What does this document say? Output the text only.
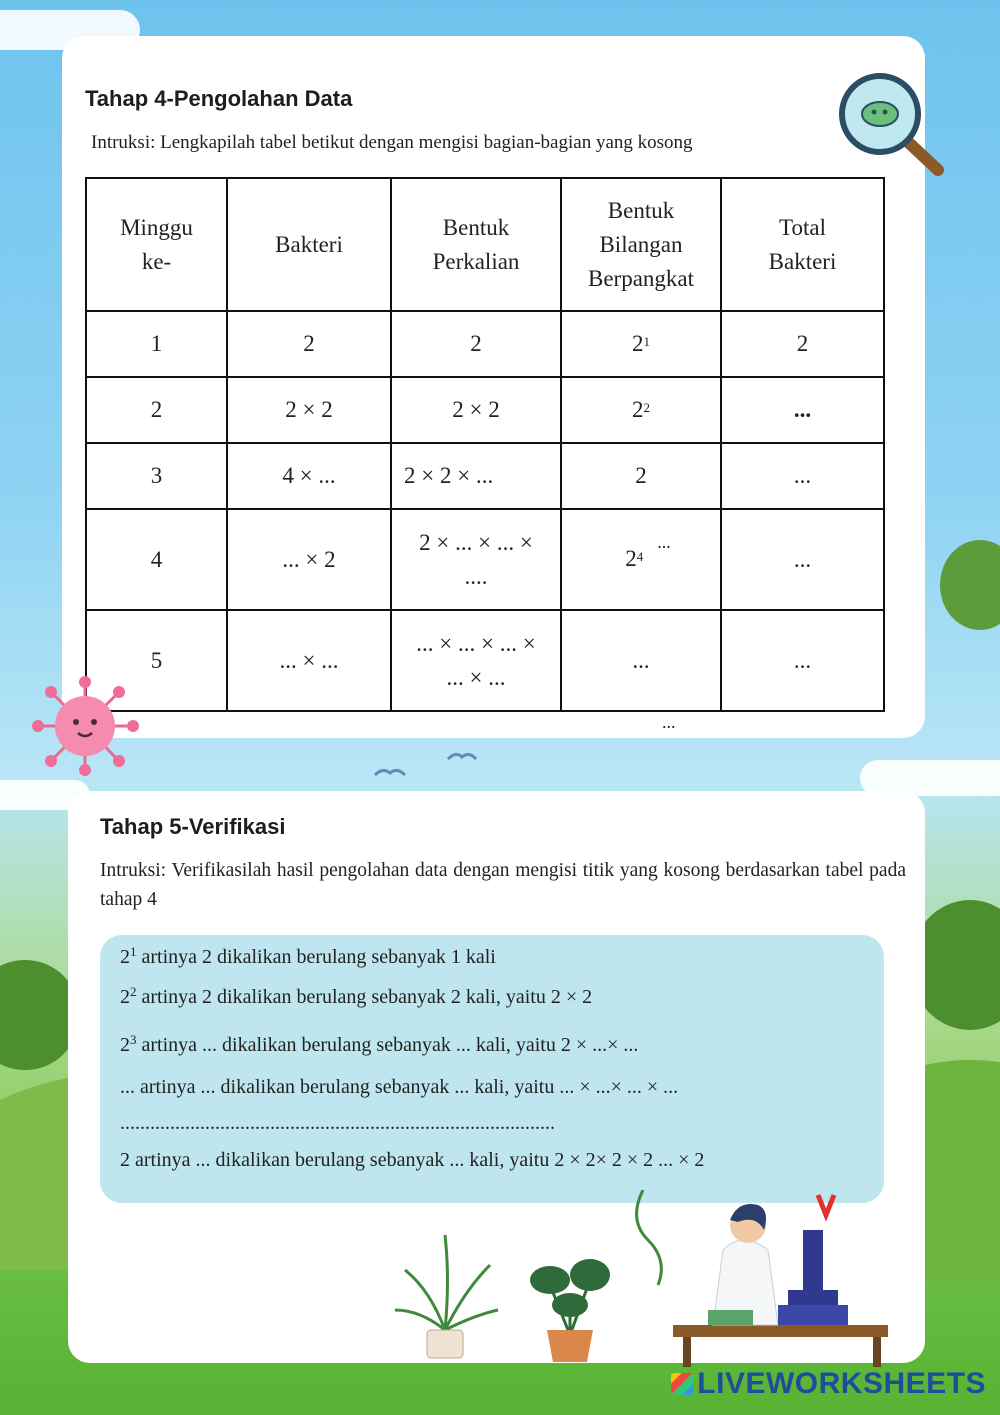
Tahap 4-Pengolahan Data
Intruksi: Lengkapilah tabel betikut dengan mengisi bagian-bagian yang kosong
Minggu ke-	Bakteri	Bentuk Perkalian	Bentuk Bilangan Berpangkat	Total Bakteri
1	2	2	$2^1$	2
2	2 × 2	2 × 2	$2^2$	...
3	4 × ...	2 × 2 × ...	2	...
4	... × 2	2 × ... × ... × ....	$2^{4...}$	...
5	... × ...	... × ... × ... × ... × ...	...	...
...
Tahap 5-Verifikasi
Intruksi: Verifikasilah hasil pengolahan data dengan mengisi titik yang kosong berdasarkan tabel pada tahap 4
$2^1$ artinya 2 dikalikan berulang sebanyak 1 kali
$2^2$ artinya 2 dikalikan berulang sebanyak 2 kali, yaitu 2 × 2
$2^3$ artinya ... dikalikan berulang sebanyak ... kali, yaitu 2 × ...× ...
... artinya ... dikalikan berulang sebanyak ... kali, yaitu ... × ...× ... × ...
.......................................................................................
2 artinya ... dikalikan berulang sebanyak ... kali, yaitu 2 × 2× 2 × 2 ... × 2
LIVEWORKSHEETS
